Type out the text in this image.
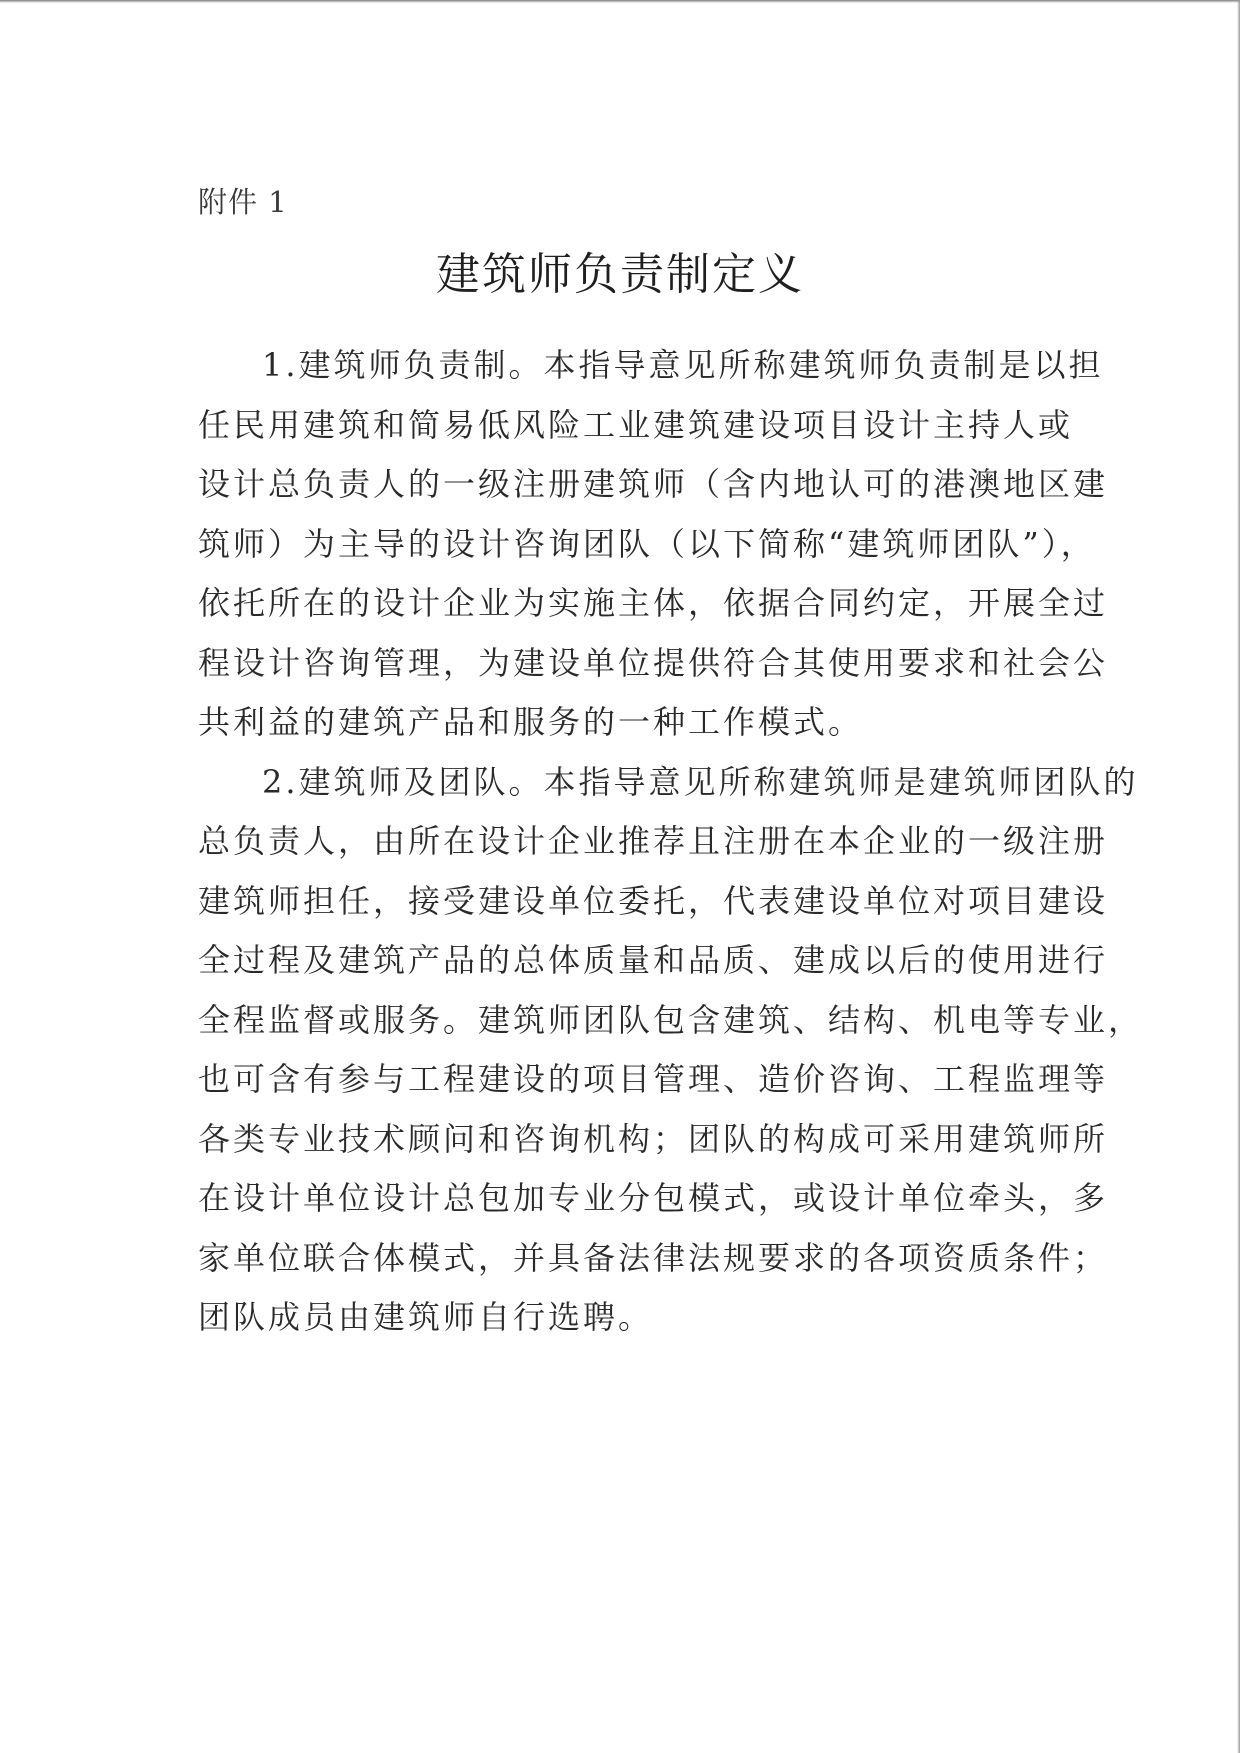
附件 1
建筑师负责制定义
1.建筑师负责制。本指导意见所称建筑师负责制是以担
任民用建筑和简易低风险工业建筑建设项目设计主持人或
设计总负责人的一级注册建筑师（含内地认可的港澳地区建
筑师）为主导的设计咨询团队（以下简称“建筑师团队”），
依托所在的设计企业为实施主体，依据合同约定，开展全过
程设计咨询管理，为建设单位提供符合其使用要求和社会公
共利益的建筑产品和服务的一种工作模式。
2.建筑师及团队。本指导意见所称建筑师是建筑师团队的
总负责人，由所在设计企业推荐且注册在本企业的一级注册
建筑师担任，接受建设单位委托，代表建设单位对项目建设
全过程及建筑产品的总体质量和品质、建成以后的使用进行
全程监督或服务。建筑师团队包含建筑、结构、机电等专业，
也可含有参与工程建设的项目管理、造价咨询、工程监理等
各类专业技术顾问和咨询机构；团队的构成可采用建筑师所
在设计单位设计总包加专业分包模式，或设计单位牵头，多
家单位联合体模式，并具备法律法规要求的各项资质条件；
团队成员由建筑师自行选聘。
